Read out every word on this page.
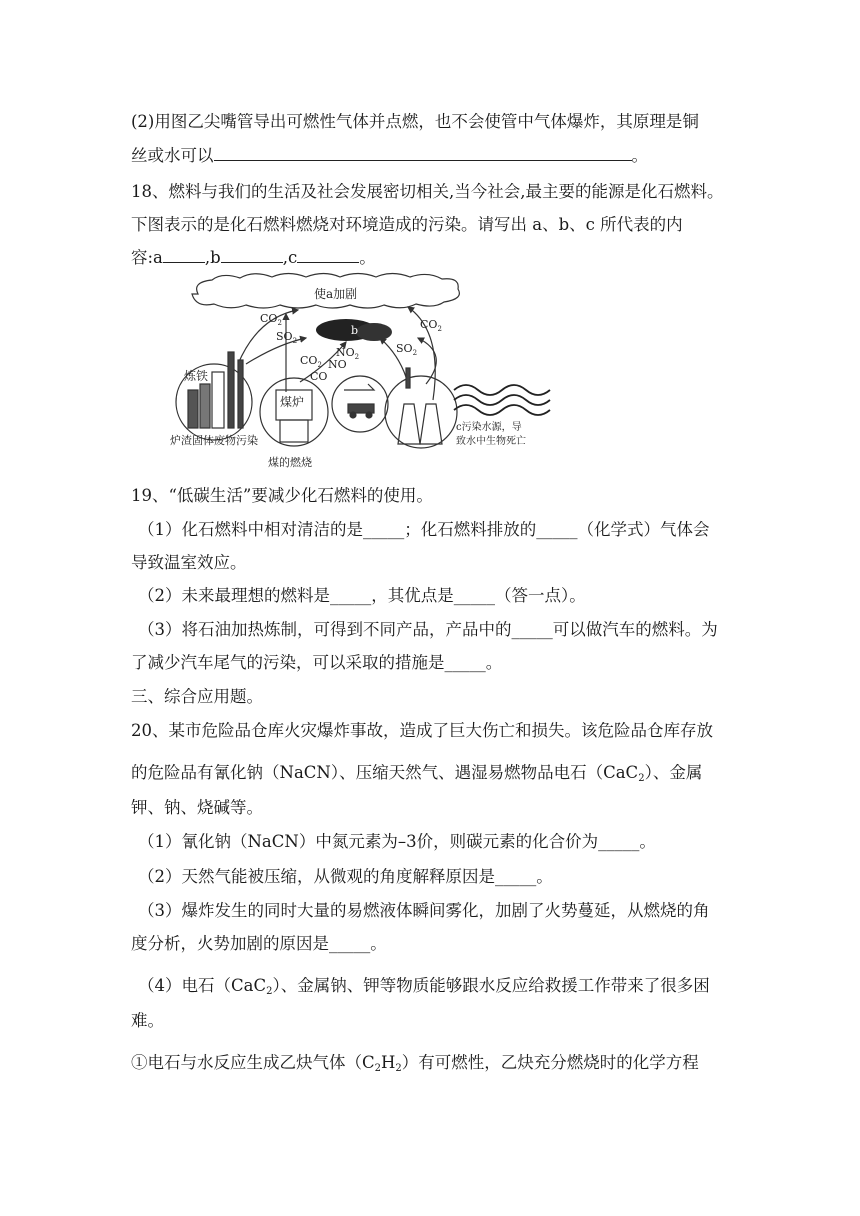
(2)用图乙尖嘴管导出可燃性气体并点燃，也不会使管中气体爆炸，其原理是铜
丝或水可以	。
18、燃料与我们的生活及社会发展密切相关,当今社会,最主要的能源是化石燃料。
下图表示的是化石燃料燃烧对环境造成的污染。请写出 a、b、c 所代表的内
容:a	,b	,c	。
使a加剧
$CO_2$
$SO_2$
b
$NO_2$
NO
$CO_2$
CO
$SO_2$
$CO_2$
炼铁
煤炉
炉渣固体废物污染
煤的燃烧
c污染水源，导
致水中生物死亡
19、“低碳生活”要减少化石燃料的使用。
（1）化石燃料中相对清洁的是_____；化石燃料排放的_____（化学式）气体会
导致温室效应。
（2）未来最理想的燃料是_____，其优点是_____（答一点）。
（3）将石油加热炼制，可得到不同产品，产品中的_____可以做汽车的燃料。为
了减少汽车尾气的污染，可以采取的措施是_____。
三、综合应用题。
20、某市危险品仓库火灾爆炸事故，造成了巨大伤亡和损失。该危险品仓库存放
的危险品有氰化钠（NaCN）、压缩天然气、遇湿易燃物品电石（CaC$_2$）、金属
钾、钠、烧碱等。
（1）氰化钠（NaCN）中氮元素为–3价，则碳元素的化合价为_____。
（2）天然气能被压缩，从微观的角度解释原因是_____。
（3）爆炸发生的同时大量的易燃液体瞬间雾化，加剧了火势蔓延，从燃烧的角
度分析，火势加剧的原因是_____。
（4）电石（CaC$_2$）、金属钠、钾等物质能够跟水反应给救援工作带来了很多困
难。
①电石与水反应生成乙炔气体$(C_2H_2)$有可燃性，乙炔充分燃烧时的化学方程
